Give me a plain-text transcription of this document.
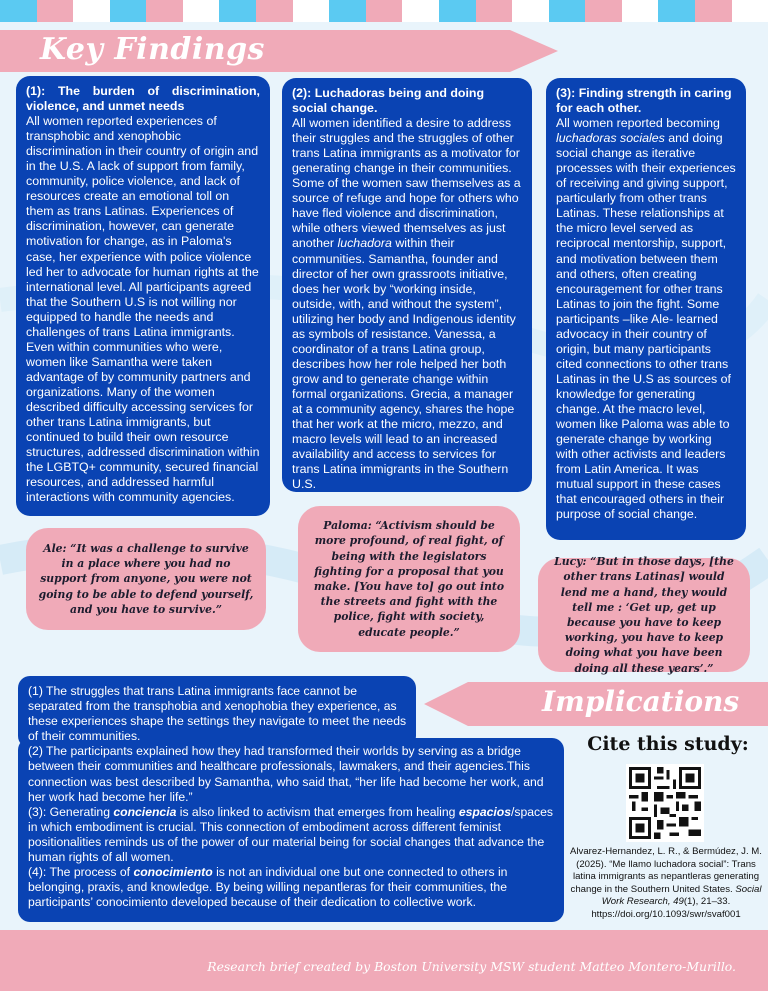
Key Findings
(1): The burden of discrimination, violence, and unmet needs

All women reported experiences of transphobic and xenophobic discrimination in their country of origin and in the U.S. A lack of support from family, community, police violence, and lack of resources create an emotional toll on them as trans Latinas. Experiences of discrimination, however, can generate motivation for change, as in Paloma's case, her experience with police violence led her to advocate for human rights at the international level. All participants agreed that the Southern U.S is not willing nor equipped to handle the needs and challenges of trans Latina immigrants. Even within communities who were, women like Samantha were taken advantage of by community partners and organizations. Many of the women described difficulty accessing services for other trans Latina immigrants, but continued to build their own resource structures, addressed discrimination within the LGBTQ+ community, secured financial resources, and addressed harmful interactions with community agencies.

(2): Luchadoras being and doing social change.

All women identified a desire to address their struggles and the struggles of other trans Latina immigrants as a motivator for generating change in their communities. Some of the women saw themselves as a source of refuge and hope for others who have fled violence and discrimination, while others viewed themselves as just another luchadora within their communities. Samantha, founder and director of her own grassroots initiative, does her work by “working inside, outside, with, and without the system”, utilizing her body and Indigenous identity as symbols of resistance. Vanessa, a coordinator of a trans Latina group, describes how her role helped her both grow and to generate change within formal organizations. Grecia, a manager at a community agency, shares the hope that her work at the micro, mezzo, and macro levels will lead to an increased availability and access to services for trans Latina immigrants in the Southern U.S.

(3): Finding strength in caring for each other.

All women reported becoming luchadoras sociales and doing social change as iterative processes with their experiences of receiving and giving support, particularly from other trans Latinas. These relationships at the micro level served as reciprocal mentorship, support, and motivation between them and others, often creating encouragement for other trans Latinas to join the fight. Some participants –like Ale- learned advocacy in their country of origin, but many participants cited connections to other trans Latinas in the U.S as sources of knowledge for generating change. At the macro level, women like Paloma was able to generate change by working with other activists and leaders from Latin America. It was mutual support in these cases that encouraged others in their purpose of social change.

Ale: “It was a challenge to survive in a place where you had no support from anyone, you were not going to be able to defend yourself, and you have to survive.”
Paloma: “Activism should be more profound, of real fight, of being with the legislators fighting for a proposal that you make. [You have to] go out into the streets and fight with the police, fight with society, educate people.”
Lucy: “But in those days, [the other trans Latinas] would lend me a hand, they would tell me : ‘Get up, get up because you have to keep working, you have to keep doing what you have been doing all these years’.”

(1) The struggles that trans Latina immigrants face cannot be separated from the transphobia and xenophobia they experience, as these experiences shape the settings they navigate to meet the needs of their communities.

(2) The participants explained how they had transformed their worlds by serving as a bridge between their communities and healthcare professionals, lawmakers, and their agencies.This connection was best described by Samantha, who said that, “her life had become her work, and her work had become her life.”

(3): Generating conciencia is also linked to activism that emerges from healing espacios/spaces in which embodiment is crucial. This connection of embodiment across different feminist positionalities reminds us of the power of our material being for social changes that advance the human rights of all women.

(4): The process of conocimiento is not an individual one but one connected to others in belonging, praxis, and knowledge. By being willing nepantleras for their communities, the participants’ conocimiento developed because of their dedication to collective work.

Implications
Cite this study:
Alvarez-Hernandez, L. R., & Bermúdez, J. M. (2025). “Me llamo luchadora social”: Trans latina immigrants as nepantleras generating change in the Southern United States. Social Work Research, 49(1), 21–33.
https://doi.org/10.1093/swr/svaf001
Research brief created by Boston University MSW student Matteo Montero-Murillo.
